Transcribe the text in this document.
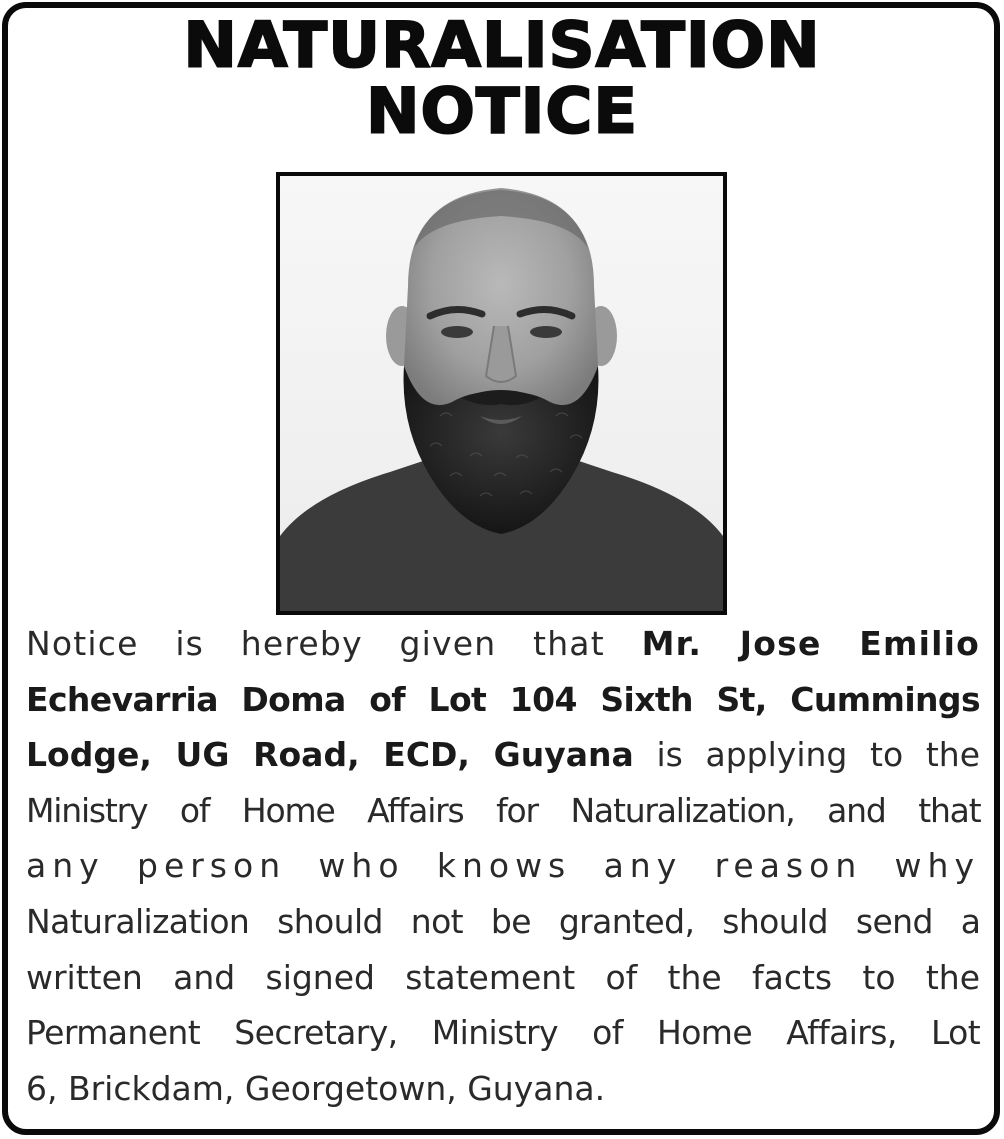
NATURALISATION
NOTICE
Notice is hereby given that Mr. Jose Emilio
Echevarria Doma of Lot 104 Sixth St, Cummings
Lodge, UG Road, ECD, Guyana is applying to the
Ministry of Home Affairs for Naturalization, and that
any person who knows any reason why
Naturalization should not be granted, should send a
written and signed statement of the facts to the
Permanent Secretary, Ministry of Home Affairs, Lot
6, Brickdam, Georgetown, Guyana.
